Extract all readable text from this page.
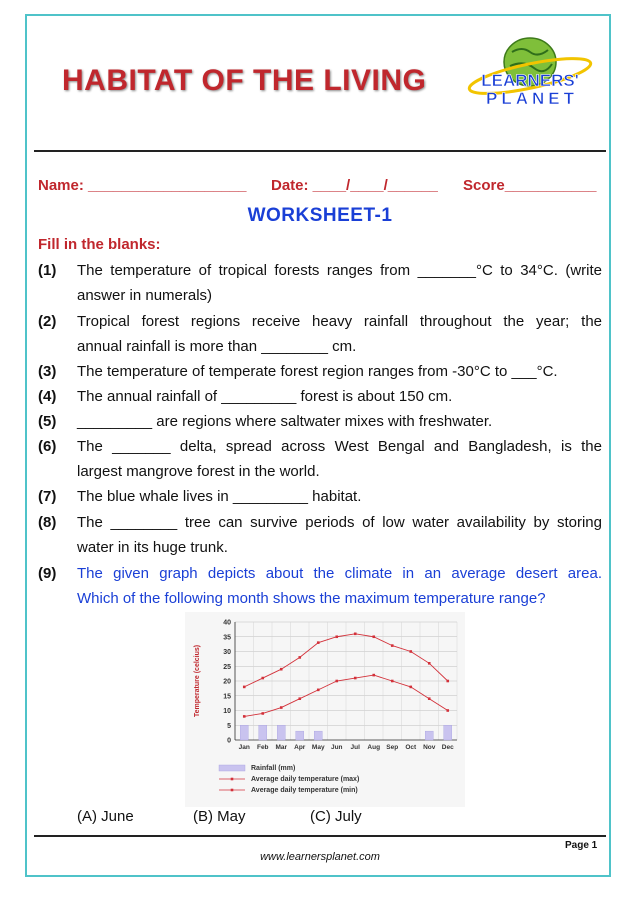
HABITAT OF THE LIVING	LEARNERS'
PLANET
Name: ___________________ Date: ____/____/______ Score___________
WORKSHEET-1
Fill in the blanks:
(1) The temperature of tropical forests ranges from _______°C to 34°C. (write
answer in numerals)
(2) Tropical forest regions receive heavy rainfall throughout the year; the
annual rainfall is more than ________ cm.
(3) The temperature of temperate forest region ranges from -30°C to ___°C.
(4) The annual rainfall of _________ forest is about 150 cm.
(5) _________ are regions where saltwater mixes with freshwater.
(6) The _______ delta, spread across West Bengal and Bangladesh, is the
largest mangrove forest in the world.
(7) The blue whale lives in _________ habitat.
(8) The ________ tree can survive periods of low water availability by storing
water in its huge trunk.
(9) The given graph depicts about the climate in an average desert area.
Which of the following month shows the maximum temperature range?
0
5
10
15
20
25
30
35
40
Jan Feb Mar Apr May Jun Jul Aug Sep Oct Nov Dec
Temperature (celcius)
Rainfall (mm)
Average daily temperature (max)
Average daily temperature (min)
(A) June	(B) May	(C) July
Page 1
www.learnersplanet.com
